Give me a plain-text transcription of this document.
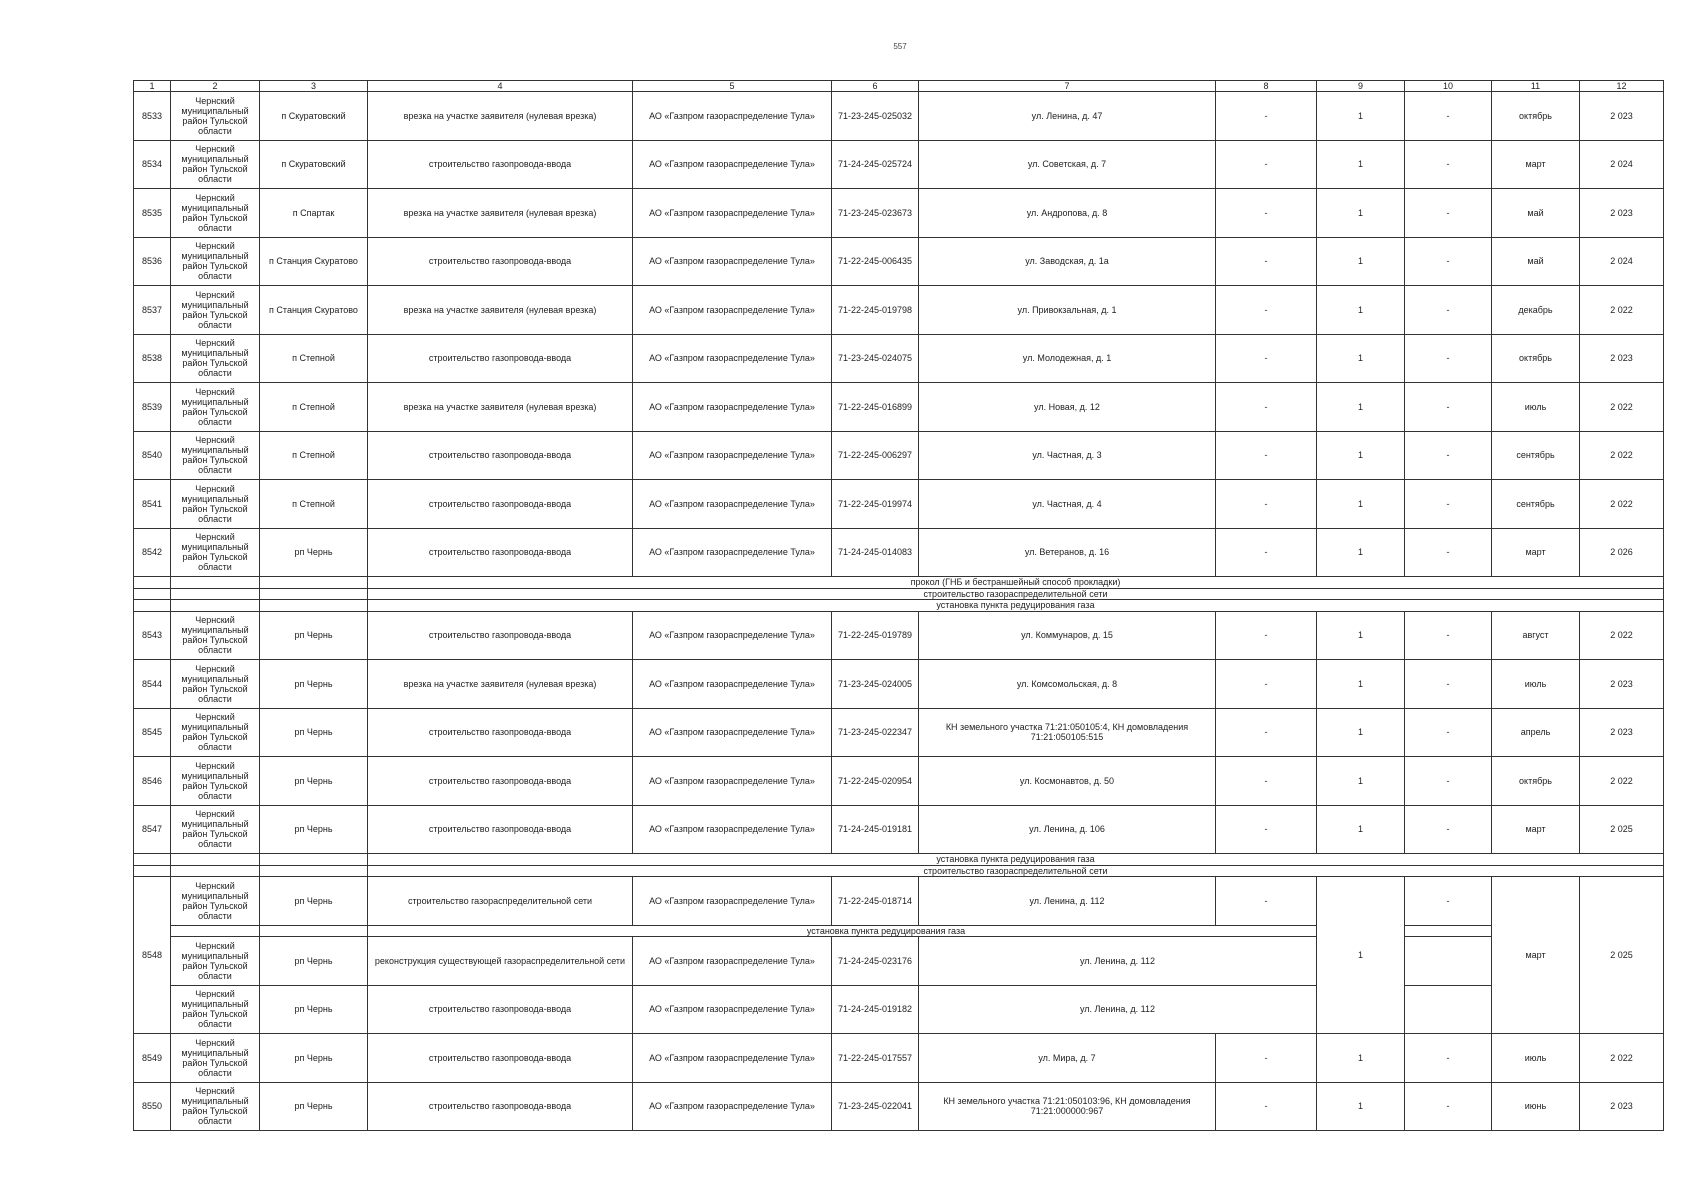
557
1	2	3	4	5	6	7	8	9	10	11	12
8533	Чернский муниципальный район Тульской области	п Скуратовский	врезка на участке заявителя (нулевая врезка)	АО «Газпром газораспределение Тула»	71-23-245-025032	ул. Ленина, д. 47	-	1	-	октябрь	2 023
8534	Чернский муниципальный район Тульской области	п Скуратовский	строительство газопровода-ввода	АО «Газпром газораспределение Тула»	71-24-245-025724	ул. Советская, д. 7	-	1	-	март	2 024
8535	Чернский муниципальный район Тульской области	п Спартак	врезка на участке заявителя (нулевая врезка)	АО «Газпром газораспределение Тула»	71-23-245-023673	ул. Андропова, д. 8	-	1	-	май	2 023
8536	Чернский муниципальный район Тульской области	п Станция Скуратово	строительство газопровода-ввода	АО «Газпром газораспределение Тула»	71-22-245-006435	ул. Заводская, д. 1а	-	1	-	май	2 024
8537	Чернский муниципальный район Тульской области	п Станция Скуратово	врезка на участке заявителя (нулевая врезка)	АО «Газпром газораспределение Тула»	71-22-245-019798	ул. Привокзальная, д. 1	-	1	-	декабрь	2 022
8538	Чернский муниципальный район Тульской области	п Степной	строительство газопровода-ввода	АО «Газпром газораспределение Тула»	71-23-245-024075	ул. Молодежная, д. 1	-	1	-	октябрь	2 023
8539	Чернский муниципальный район Тульской области	п Степной	врезка на участке заявителя (нулевая врезка)	АО «Газпром газораспределение Тула»	71-22-245-016899	ул. Новая, д. 12	-	1	-	июль	2 022
8540	Чернский муниципальный район Тульской области	п Степной	строительство газопровода-ввода	АО «Газпром газораспределение Тула»	71-22-245-006297	ул. Частная, д. 3	-	1	-	сентябрь	2 022
8541	Чернский муниципальный район Тульской области	п Степной	строительство газопровода-ввода	АО «Газпром газораспределение Тула»	71-22-245-019974	ул. Частная, д. 4	-	1	-	сентябрь	2 022
8542	Чернский муниципальный район Тульской области	рп Чернь	строительство газопровода-ввода	АО «Газпром газораспределение Тула»	71-24-245-014083	ул. Ветеранов, д. 16	-	1	-	март	2 026
			прокол (ГНБ и бестраншейный способ прокладки)								
			строительство газораспределительной сети								
			установка пункта редуцирования газа								
8543	Чернский муниципальный район Тульской области	рп Чернь	строительство газопровода-ввода	АО «Газпром газораспределение Тула»	71-22-245-019789	ул. Коммунаров, д. 15	-	1	-	август	2 022
8544	Чернский муниципальный район Тульской области	рп Чернь	врезка на участке заявителя (нулевая врезка)	АО «Газпром газораспределение Тула»	71-23-245-024005	ул. Комсомольская, д. 8	-	1	-	июль	2 023
8545	Чернский муниципальный район Тульской области	рп Чернь	строительство газопровода-ввода	АО «Газпром газораспределение Тула»	71-23-245-022347	КН земельного участка 71:21:050105:4, КН домовладения 71:21:050105:515	-	1	-	апрель	2 023
8546	Чернский муниципальный район Тульской области	рп Чернь	строительство газопровода-ввода	АО «Газпром газораспределение Тула»	71-22-245-020954	ул. Космонавтов, д. 50	-	1	-	октябрь	2 022
8547	Чернский муниципальный район Тульской области	рп Чернь	строительство газопровода-ввода	АО «Газпром газораспределение Тула»	71-24-245-019181	ул. Ленина, д. 106	-	1	-	март	2 025
			установка пункта редуцирования газа								
			строительство газораспределительной сети								
8548	Чернский муниципальный район Тульской области	рп Чернь	строительство газораспределительной сети	АО «Газпром газораспределение Тула»	71-22-245-018714	ул. Ленина, д. 112	-	1	-	март	2 025
			установка пункта редуцирования газа								
	Чернский муниципальный район Тульской области	рп Чернь	реконструкция существующей газораспределительной сети	АО «Газпром газораспределение Тула»	71-24-245-023176	ул. Ленина, д. 112					
	Чернский муниципальный район Тульской области	рп Чернь	строительство газопровода-ввода	АО «Газпром газораспределение Тула»	71-24-245-019182	ул. Ленина, д. 112					
8549	Чернский муниципальный район Тульской области	рп Чернь	строительство газопровода-ввода	АО «Газпром газораспределение Тула»	71-22-245-017557	ул. Мира, д. 7	-	1	-	июль	2 022
8550	Чернский муниципальный район Тульской области	рп Чернь	строительство газопровода-ввода	АО «Газпром газораспределение Тула»	71-23-245-022041	КН земельного участка 71:21:050103:96, КН домовладения 71:21:000000:967	-	1	-	июнь	2 023
